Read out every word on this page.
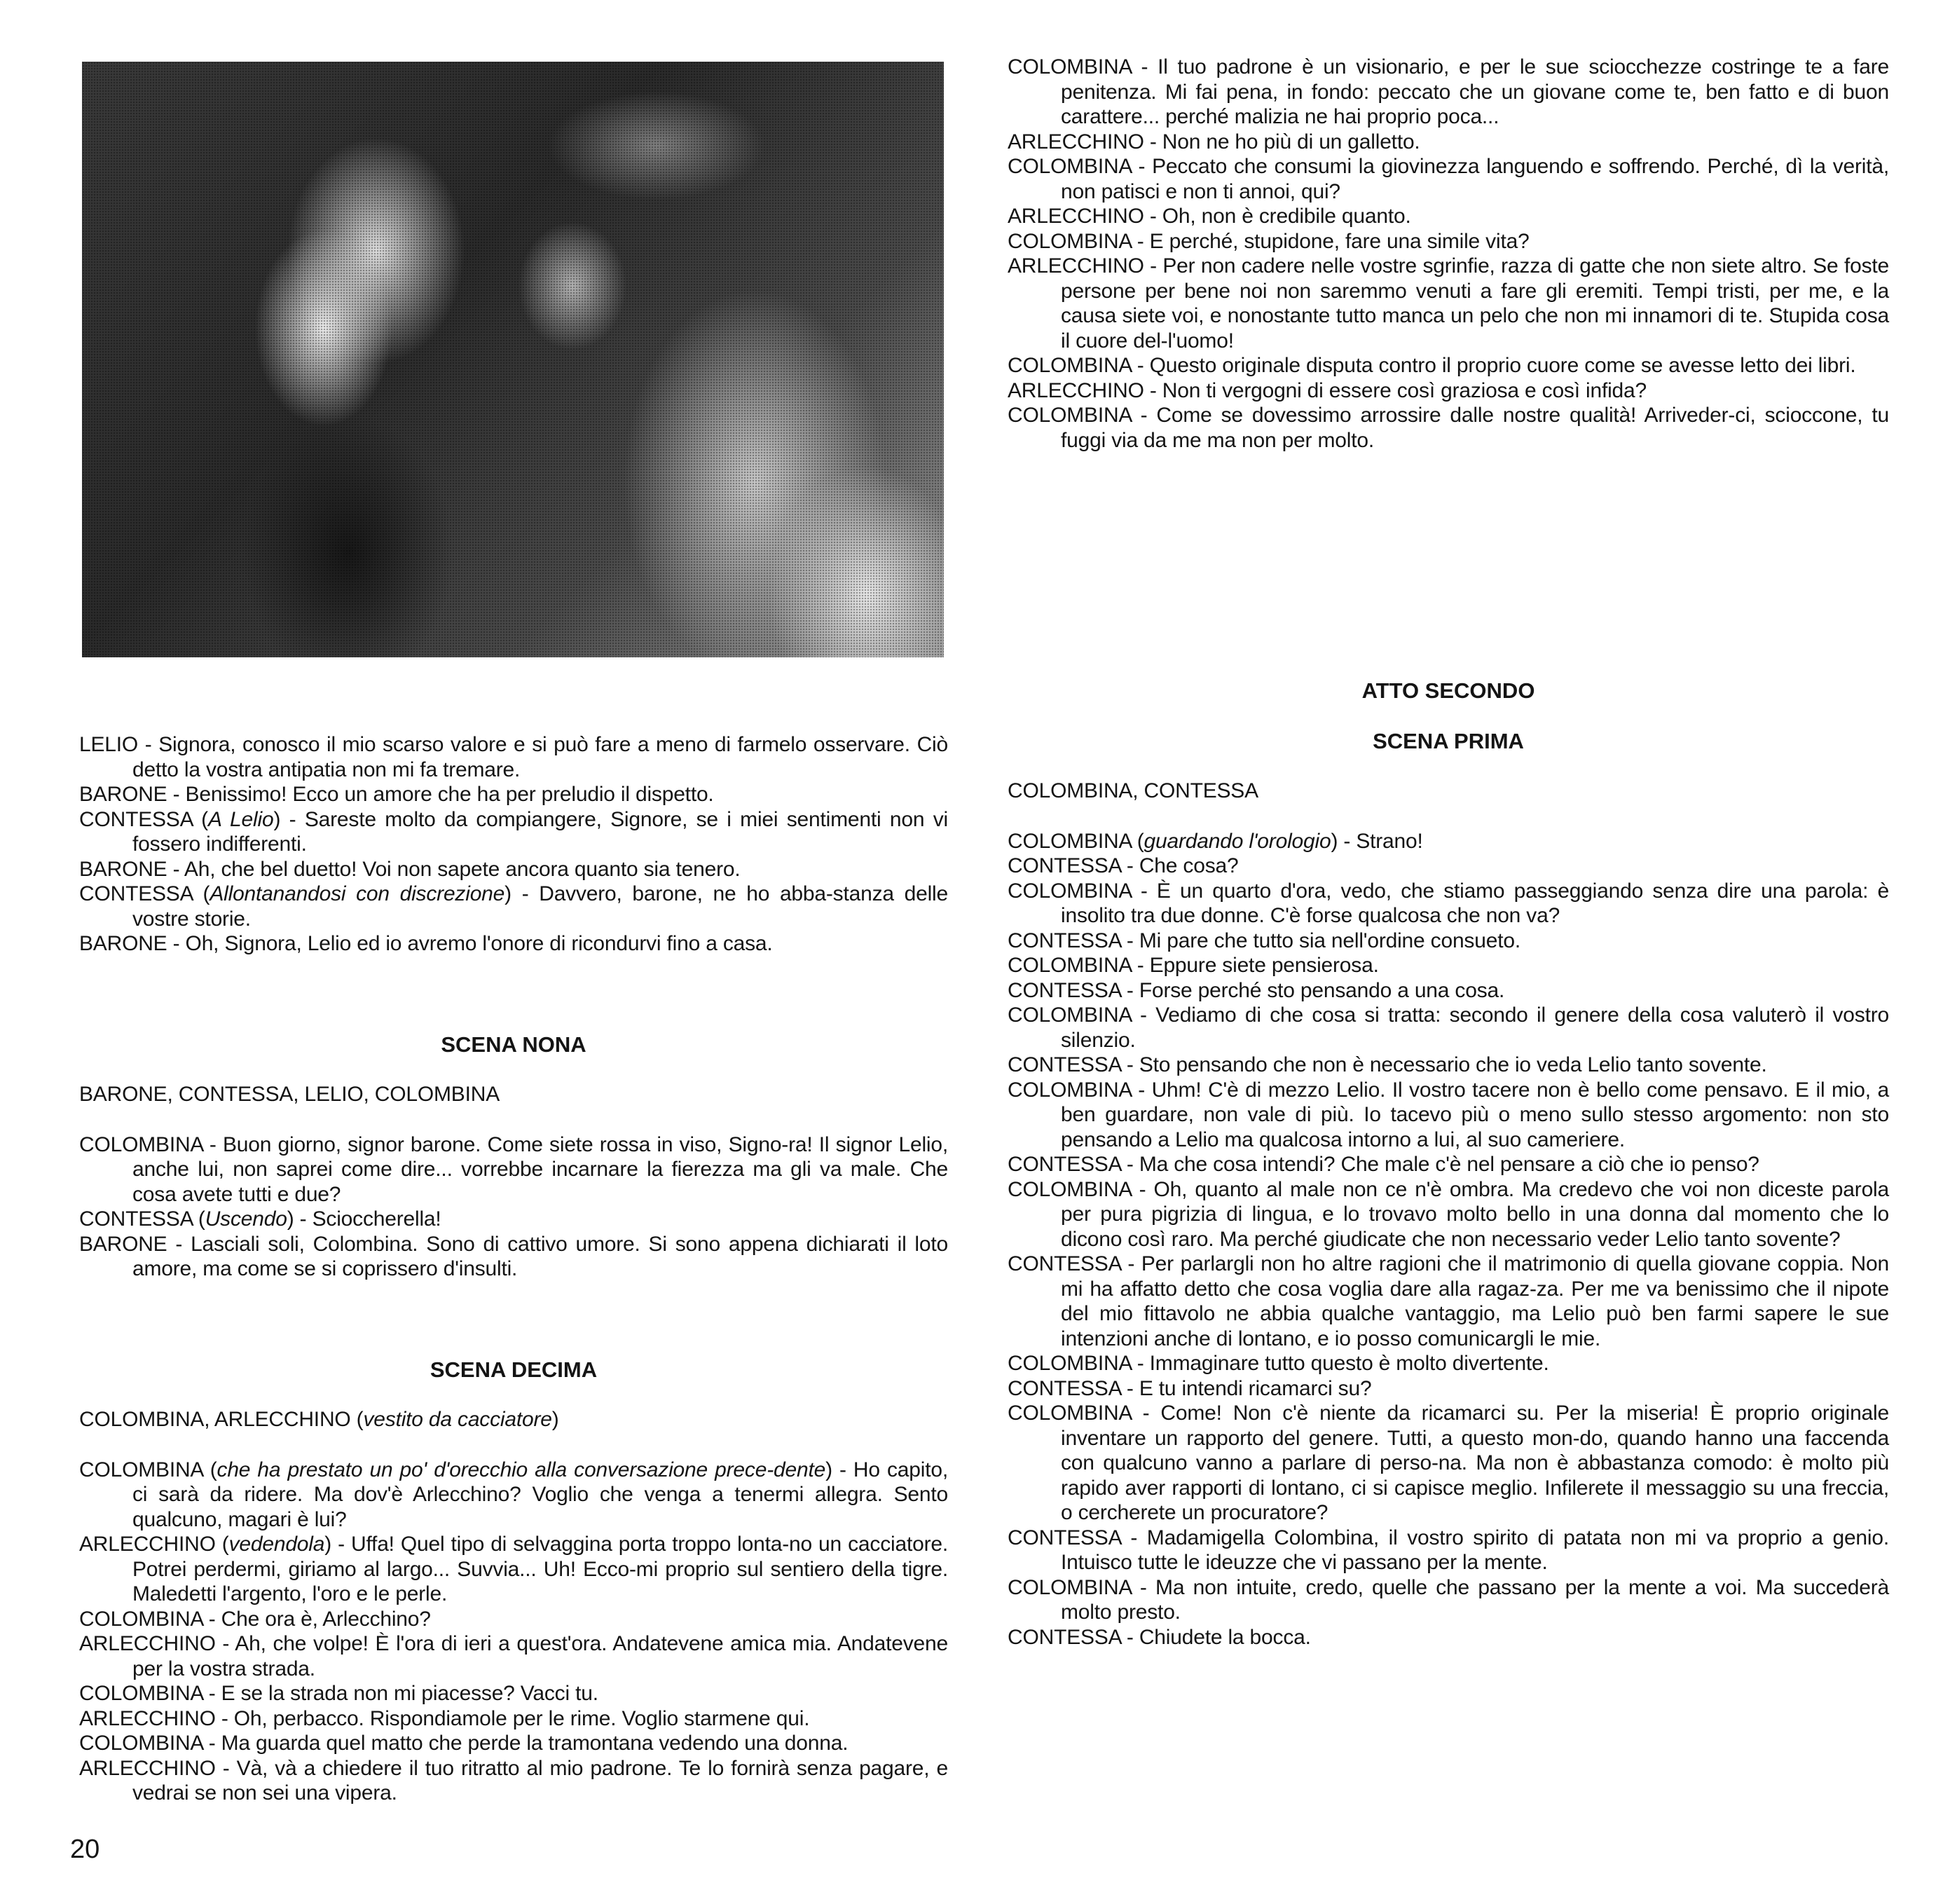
COLOMBINA - Il tuo padrone è un visionario, e per le sue sciocchezze costringe te a fare penitenza. Mi fai pena, in fondo: peccato che un giovane come te, ben fatto e di buon carattere... perché malizia ne hai proprio poca...

ARLECCHINO - Non ne ho più di un galletto.

COLOMBINA - Peccato che consumi la giovinezza languendo e soffrendo. Perché, dì la verità, non patisci e non ti annoi, qui?

ARLECCHINO - Oh, non è credibile quanto.

COLOMBINA - E perché, stupidone, fare una simile vita?

ARLECCHINO - Per non cadere nelle vostre sgrinfie, razza di gatte che non siete altro. Se foste persone per bene noi non saremmo venuti a fare gli eremiti. Tempi tristi, per me, e la causa siete voi, e nonostante tutto manca un pelo che non mi innamori di te. Stupida cosa il cuore del-l'uomo!

COLOMBINA - Questo originale disputa contro il proprio cuore come se avesse letto dei libri.

ARLECCHINO - Non ti vergogni di essere così graziosa e così infida?

COLOMBINA - Come se dovessimo arrossire dalle nostre qualità! Arriveder-ci, scioccone, tu fuggi via da me ma non per molto.

LELIO - Signora, conosco il mio scarso valore e si può fare a meno di farmelo osservare. Ciò detto la vostra antipatia non mi fa tremare.

BARONE - Benissimo! Ecco un amore che ha per preludio il dispetto.

CONTESSA (A Lelio) - Sareste molto da compiangere, Signore, se i miei sentimenti non vi fossero indifferenti.

BARONE - Ah, che bel duetto! Voi non sapete ancora quanto sia tenero.

CONTESSA (Allontanandosi con discrezione) - Davvero, barone, ne ho abba-stanza delle vostre storie.

BARONE - Oh, Signora, Lelio ed io avremo l'onore di ricondurvi fino a casa.

SCENA NONA

BARONE, CONTESSA, LELIO, COLOMBINA

COLOMBINA - Buon giorno, signor barone. Come siete rossa in viso, Signo-ra! Il signor Lelio, anche lui, non saprei come dire... vorrebbe incarnare la fierezza ma gli va male. Che cosa avete tutti e due?

CONTESSA (Uscendo) - Scioccherella!

BARONE - Lasciali soli, Colombina. Sono di cattivo umore. Si sono appena dichiarati il loto amore, ma come se si coprissero d'insulti.

SCENA DECIMA

COLOMBINA, ARLECCHINO (vestito da cacciatore)

COLOMBINA (che ha prestato un po' d'orecchio alla conversazione prece-dente) - Ho capito, ci sarà da ridere. Ma dov'è Arlecchino? Voglio che venga a tenermi allegra. Sento qualcuno, magari è lui?

ARLECCHINO (vedendola) - Uffa! Quel tipo di selvaggina porta troppo lonta-no un cacciatore. Potrei perdermi, giriamo al largo... Suvvia... Uh! Ecco-mi proprio sul sentiero della tigre. Maledetti l'argento, l'oro e le perle.

COLOMBINA - Che ora è, Arlecchino?

ARLECCHINO - Ah, che volpe! È l'ora di ieri a quest'ora. Andatevene amica mia. Andatevene per la vostra strada.

COLOMBINA - E se la strada non mi piacesse? Vacci tu.

ARLECCHINO - Oh, perbacco. Rispondiamole per le rime. Voglio starmene qui.

COLOMBINA - Ma guarda quel matto che perde la tramontana vedendo una donna.

ARLECCHINO - Và, và a chiedere il tuo ritratto al mio padrone. Te lo fornirà senza pagare, e vedrai se non sei una vipera.

ATTO SECONDO

SCENA PRIMA

COLOMBINA, CONTESSA

COLOMBINA (guardando l'orologio) - Strano!

CONTESSA - Che cosa?

COLOMBINA - È un quarto d'ora, vedo, che stiamo passeggiando senza dire una parola: è insolito tra due donne. C'è forse qualcosa che non va?

CONTESSA - Mi pare che tutto sia nell'ordine consueto.

COLOMBINA - Eppure siete pensierosa.

CONTESSA - Forse perché sto pensando a una cosa.

COLOMBINA - Vediamo di che cosa si tratta: secondo il genere della cosa valuterò il vostro silenzio.

CONTESSA - Sto pensando che non è necessario che io veda Lelio tanto sovente.

COLOMBINA - Uhm! C'è di mezzo Lelio. Il vostro tacere non è bello come pensavo. E il mio, a ben guardare, non vale di più. Io tacevo più o meno sullo stesso argomento: non sto pensando a Lelio ma qualcosa intorno a lui, al suo cameriere.

CONTESSA - Ma che cosa intendi? Che male c'è nel pensare a ciò che io penso?

COLOMBINA - Oh, quanto al male non ce n'è ombra. Ma credevo che voi non diceste parola per pura pigrizia di lingua, e lo trovavo molto bello in una donna dal momento che lo dicono così raro. Ma perché giudicate che non necessario veder Lelio tanto sovente?

CONTESSA - Per parlargli non ho altre ragioni che il matrimonio di quella giovane coppia. Non mi ha affatto detto che cosa voglia dare alla ragaz-za. Per me va benissimo che il nipote del mio fittavolo ne abbia qualche vantaggio, ma Lelio può ben farmi sapere le sue intenzioni anche di lontano, e io posso comunicargli le mie.

COLOMBINA - Immaginare tutto questo è molto divertente.

CONTESSA - E tu intendi ricamarci su?

COLOMBINA - Come! Non c'è niente da ricamarci su. Per la miseria! È proprio originale inventare un rapporto del genere. Tutti, a questo mon-do, quando hanno una faccenda con qualcuno vanno a parlare di perso-na. Ma non è abbastanza comodo: è molto più rapido aver rapporti di lontano, ci si capisce meglio. Infilerete il messaggio su una freccia, o cercherete un procuratore?

CONTESSA - Madamigella Colombina, il vostro spirito di patata non mi va proprio a genio. Intuisco tutte le ideuzze che vi passano per la mente.

COLOMBINA - Ma non intuite, credo, quelle che passano per la mente a voi. Ma succederà molto presto.

CONTESSA - Chiudete la bocca.

20
